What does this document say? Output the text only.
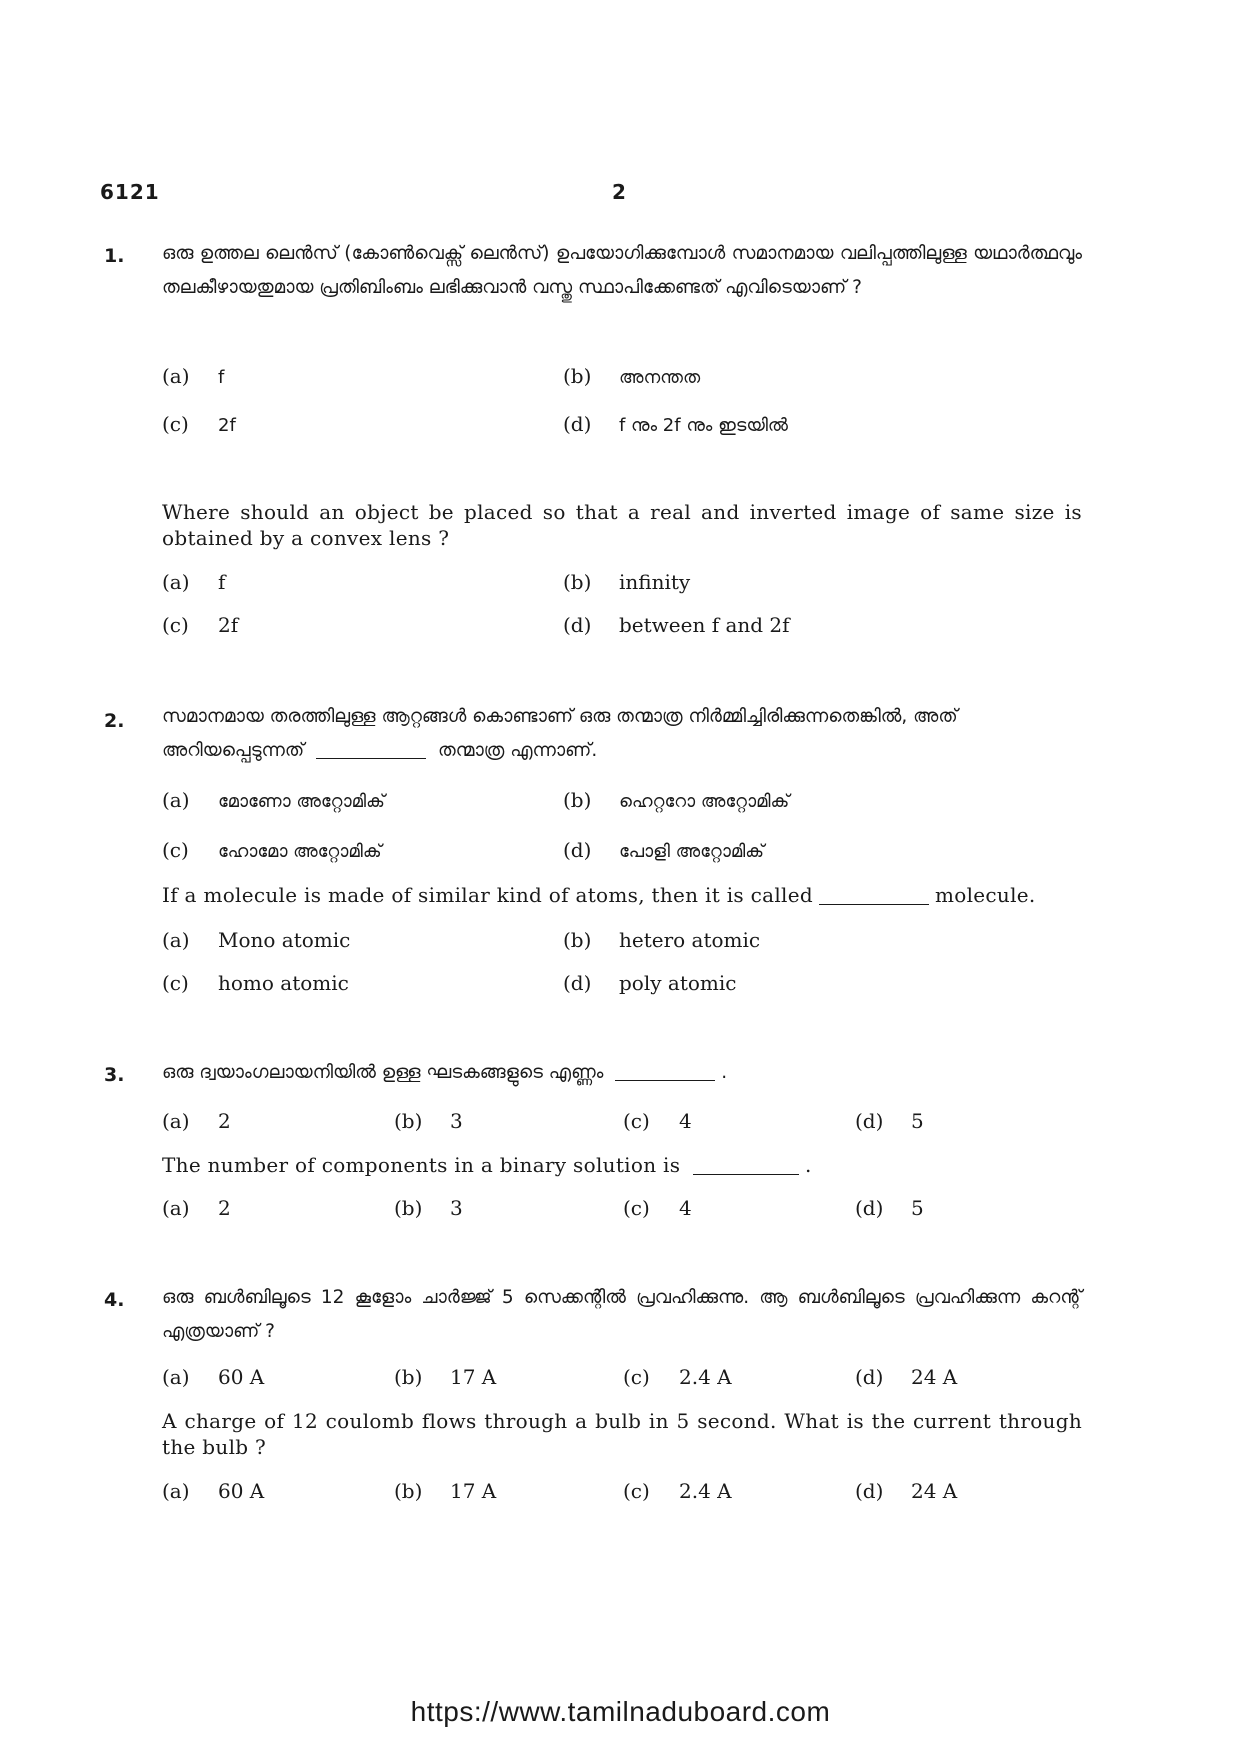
6121	2
1. ഒരു ഉത്തല ലെൻസ് (കോൺവെക്സ് ലെൻസ്) ഉപയോഗിക്കുമ്പോൾ സമാനമായ വലിപ്പത്തിലുള്ള യഥാർത്ഥവും തലകീഴായതുമായ പ്രതിബിംബം ലഭിക്കുവാൻ വസ്തു സ്ഥാപിക്കേണ്ടത് എവിടെയാണ് ?
(a) f	(b) അനന്തത
(c) 2f	(d) f നും 2f നും ഇടയിൽ
Where should an object be placed so that a real and inverted image of same size is obtained by a convex lens ?
(a) f	(b) infinity
(c) 2f	(d) between f and 2f
2. സമാനമായ തരത്തിലുള്ള ആറ്റങ്ങൾ കൊണ്ടാണ് ഒരു തന്മാത്ര നിർമ്മിച്ചിരിക്കുന്നതെങ്കിൽ, അത് അറിയപ്പെടുന്നത്	തന്മാത്ര എന്നാണ്.
(a) മോണോ അറ്റോമിക്	(b) ഹെറ്ററോ അറ്റോമിക്
(c) ഹോമോ അറ്റോമിക്	(d) പോളി അറ്റോമിക്
If a molecule is made of similar kind of atoms, then it is called	molecule.
(a) Mono atomic	(b) hetero atomic
(c) homo atomic	(d) poly atomic
3. ഒരു ദ്വയാംഗലായനിയിൽ ഉള്ള ഘടകങ്ങളുടെ എണ്ണം	.
(a) 2	(b) 3	(c) 4	(d) 5
The number of components in a binary solution is	.
(a) 2	(b) 3	(c) 4	(d) 5
4. ഒരു ബൾബിലൂടെ 12 കൂളോം ചാർജ്ജ് 5 സെക്കന്റിൽ പ്രവഹിക്കുന്നു. ആ ബൾബിലൂടെ പ്രവഹിക്കുന്ന കറന്റ് എത്രയാണ് ?
(a) 60 A	(b) 17 A	(c) 2.4 A	(d) 24 A
A charge of 12 coulomb flows through a bulb in 5 second. What is the current through the bulb ?
(a) 60 A	(b) 17 A	(c) 2.4 A	(d) 24 A
https://www.tamilnaduboard.com
